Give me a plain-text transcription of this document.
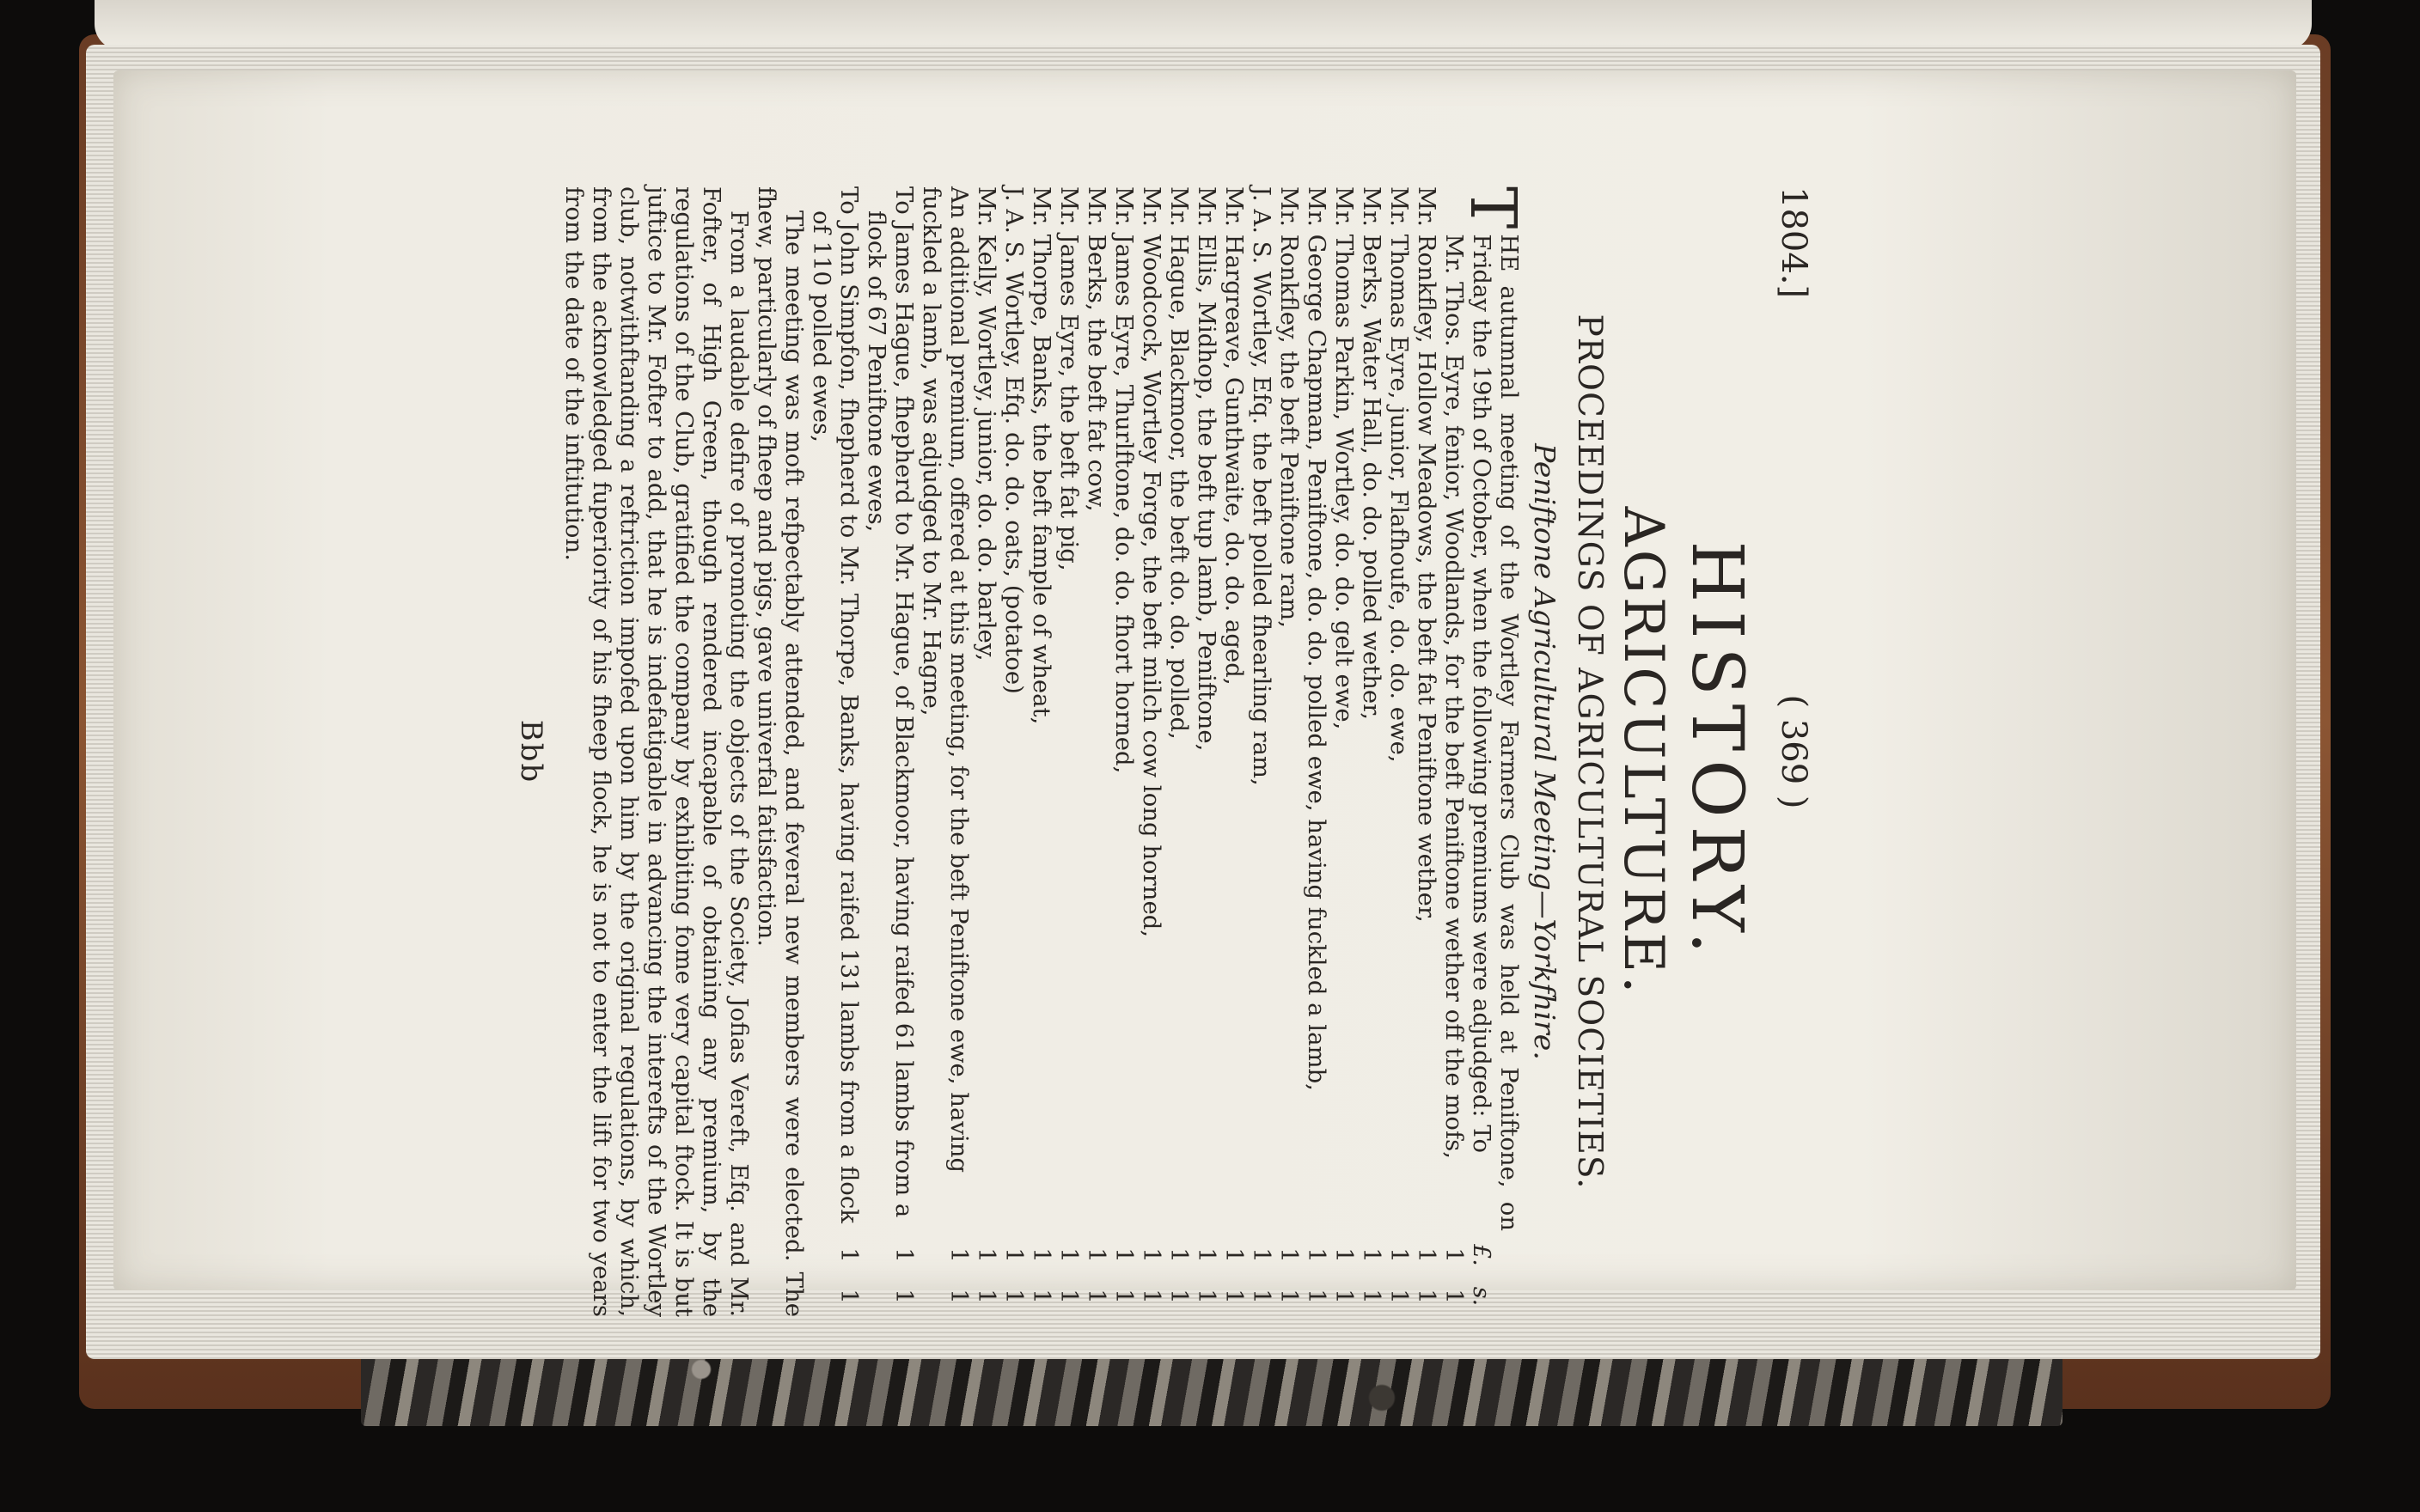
1804.]
( 369 )
HISTORY.
AGRICULTURE.
PROCEEDINGS OF AGRICULTURAL SOCIETIES.
Peniftone Agricultural Meeting—Yorkfhire.

T
HE autumnal meeting of the Wortley Farmers Club was held at Peniftone, on Friday the 19th of October, when the following premiums were adjudged: To

£.
s.
Mr. Thos. Eyre, fenior, Woodlands, for the beft Peniftone wether off the mofs,
1
1
Mr. Ronkfley, Hollow Meadows, the beft fat Peniftone wether,
1
1
Mr. Thomas Eyre, junior, Flafhoufe, do. do. ewe,
1
1
Mr. Berks, Water Hall, do. do. polled wether,
1
1
Mr. Thomas Parkin, Wortley, do. do. gelt ewe,
1
1
Mr. George Chapman, Peniftone, do. do. polled ewe, having fuckled a lamb,
1
1
Mr. Ronkfley, the beft Peniftone ram,
1
1
J. A. S. Wortley, Efq. the beft polled fhearling ram,
1
1
Mr. Hargreave, Gunthwaite, do. do. aged,
1
1
Mr. Ellis, Midhop, the beft tup lamb, Peniftone,
1
1
Mr. Hague, Blackmoor, the beft do. do. polled,
1
1
Mr. Woodcock, Wortley Forge, the beft milch cow long horned,
1
1
Mr. James Eyre, Thurlftone, do. do. fhort horned,
1
1
Mr. Berks, the beft fat cow,
1
1
Mr. James Eyre, the beft fat pig,
1
1
Mr. Thorpe, Banks, the beft fample of wheat,
1
1
J. A. S. Wortley, Efq. do. do. oats, (potatoe)
1
1
Mr. Kelly, Wortley, junior, do. do. barley,
1
1
An additional premium, offered at this meeting, for the beft Peniftone ewe, having fuckled a lamb, was adjudged to Mr. Hagne,
1
1
To James Hague, fhepherd to Mr. Hague, of Blackmoor, having raifed 61 lambs from a flock of 67 Peniftone ewes,
1
1
To John Simpfon, fhepherd to Mr. Thorpe, Banks, having raifed 131 lambs from a flock of 110 polled ewes,
1
1

The meeting was moft refpectably attended, and feveral new members were elected. The fhew, particularly of fheep and pigs, gave univerfal fatisfaction.

From a laudable defire of promoting the objects of the Society, Jofias Vereft, Efq. and Mr. Fofter, of High Green, though rendered incapable of obtaining any premium, by the regulations of the Club, gratified the company by exhibiting fome very capital ftock. It is but juftice to Mr. Fofter to add, that he is indefatigable in advancing the interefts of the Wortley club, notwithftanding a reftriction impofed upon him by the original regulations, by which, from the acknowledged fuperiority of his fheep flock, he is not to enter the lift for two years from the date of the inftitution.

Bbb
